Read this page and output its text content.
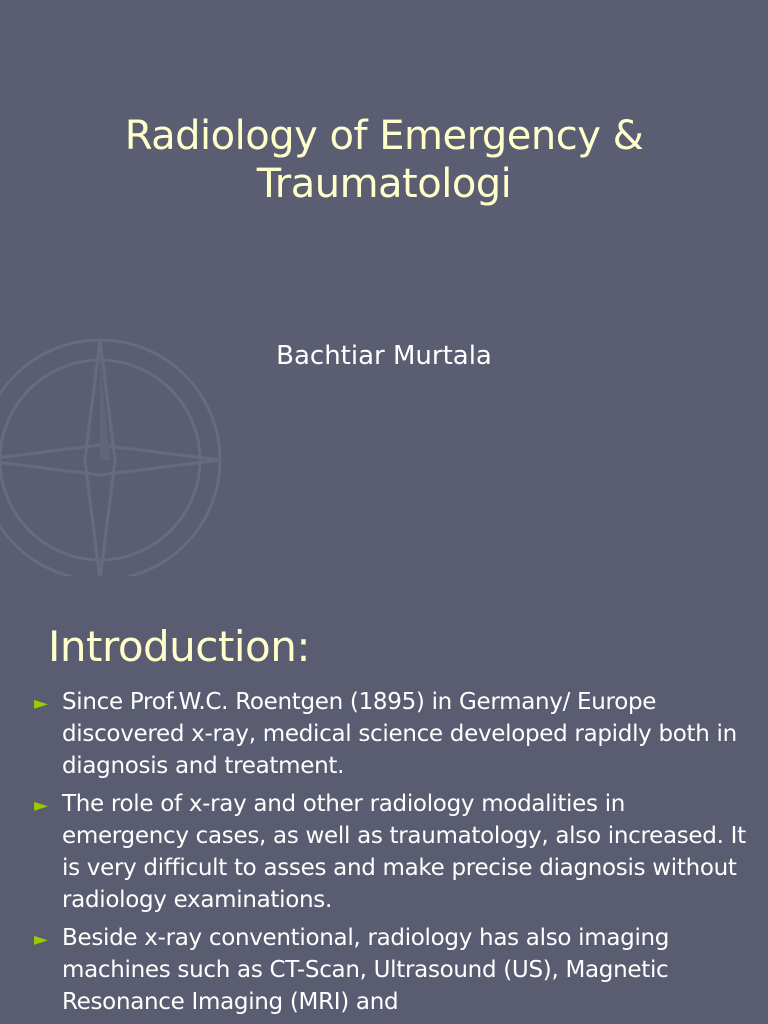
Radiology of Emergency & Traumatologi

Bachtiar Murtala

Introduction:
► Since Prof.W.C. Roentgen (1895) in Germany/ Europe discovered x-ray, medical science developed rapidly both in diagnosis and treatment.
► The role of x-ray and other radiology modalities in emergency cases, as well as traumatology, also increased. It is very difficult to asses and make precise diagnosis without radiology examinations.
► Beside x-ray conventional, radiology has also imaging machines such as CT-Scan, Ultrasound (US), Magnetic Resonance Imaging (MRI) and
